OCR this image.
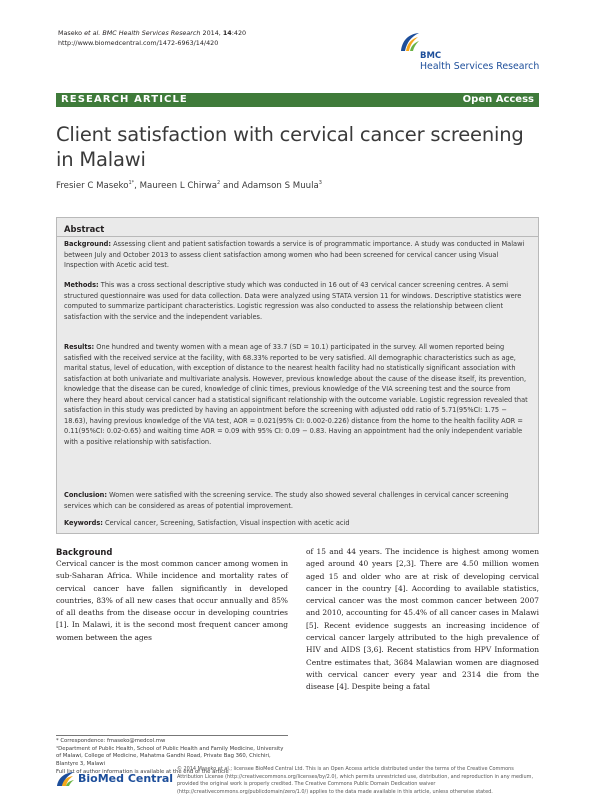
Maseko et al. BMC Health Services Research 2014, 14:420
http://www.biomedcentral.com/1472-6963/14/420
BMC
Health Services Research
RESEARCH ARTICLE	Open Access
Client satisfaction with cervical cancer screening in Malawi
Fresier C Maseko$^{1*}$, Maureen L Chirwa$^2$ and Adamson S Muula$^3$
Abstract
Background: Assessing client and patient satisfaction towards a service is of programmatic importance. A study was conducted in Malawi between July and October 2013 to assess client satisfaction among women who had been screened for cervical cancer using Visual Inspection with Acetic acid test.
Methods: This was a cross sectional descriptive study which was conducted in 16 out of 43 cervical cancer screening centres. A semi structured questionnaire was used for data collection. Data were analyzed using STATA version 11 for windows. Descriptive statistics were computed to summarize participant characteristics. Logistic regression was also conducted to assess the relationship between client satisfaction with the service and the independent variables.
Results: One hundred and twenty women with a mean age of 33.7 (SD = 10.1) participated in the survey. All women reported being satisfied with the received service at the facility, with 68.33% reported to be very satisfied. All demographic characteristics such as age, marital status, level of education, with exception of distance to the nearest health facility had no statistically significant association with satisfaction at both univariate and multivariate analysis. However, previous knowledge about the cause of the disease itself, its prevention, knowledge that the disease can be cured, knowledge of clinic times, previous knowledge of the VIA screening test and the source from where they heard about cervical cancer had a statistical significant relationship with the outcome variable. Logistic regression revealed that satisfaction in this study was predicted by having an appointment before the screening with adjusted odd ratio of 5.71(95%CI: 1.75 − 18.63), having previous knowledge of the VIA test, AOR = 0.021(95% CI: 0.002-0.226) distance from the home to the health facility AOR = 0.11(95%CI: 0.02-0.65) and waiting time AOR = 0.09 with 95% CI: 0.09 − 0.83. Having an appointment had the only independent variable with a positive relationship with satisfaction.
Conclusion: Women were satisfied with the screening service. The study also showed several challenges in cervical cancer screening services which can be considered as areas of potential improvement.
Keywords: Cervical cancer, Screening, Satisfaction, Visual inspection with acetic acid
Background
Cervical cancer is the most common cancer among women in sub-Saharan Africa. While incidence and mortality rates of cervical cancer have fallen significantly in developed countries, 83% of all new cases that occur annually and 85% of all deaths from the disease occur in developing countries [1]. In Malawi, it is the second most frequent cancer among women between the ages
of 15 and 44 years. The incidence is highest among women aged around 40 years [2,3]. There are 4.50 million women aged 15 and older who are at risk of developing cervical cancer in the country [4]. According to available statistics, cervical cancer was the most common cancer between 2007 and 2010, accounting for 45.4% of all cancer cases in Malawi [5]. Recent evidence suggests an increasing incidence of cervical cancer largely attributed to the high prevalence of HIV and AIDS [3,6]. Recent statistics from HPV Information Centre estimates that, 3684 Malawian women are diagnosed with cervical cancer every year and 2314 die from the disease [4]. Despite being a fatal
* Correspondence: fmaseko@medcol.mw
¹Department of Public Health, School of Public Health and Family Medicine, University of Malawi, College of Medicine, Mahatma Gandhi Road, Private Bag 360, Chichiri, Blantyre 3, Malawi
Full list of author information is available at the end of the article
BioMed Central
© 2014 Maseko et al.; licensee BioMed Central Ltd. This is an Open Access article distributed under the terms of the Creative Commons Attribution License (http://creativecommons.org/licenses/by/2.0), which permits unrestricted use, distribution, and reproduction in any medium, provided the original work is properly credited. The Creative Commons Public Domain Dedication waiver (http://creativecommons.org/publicdomain/zero/1.0/) applies to the data made available in this article, unless otherwise stated.
